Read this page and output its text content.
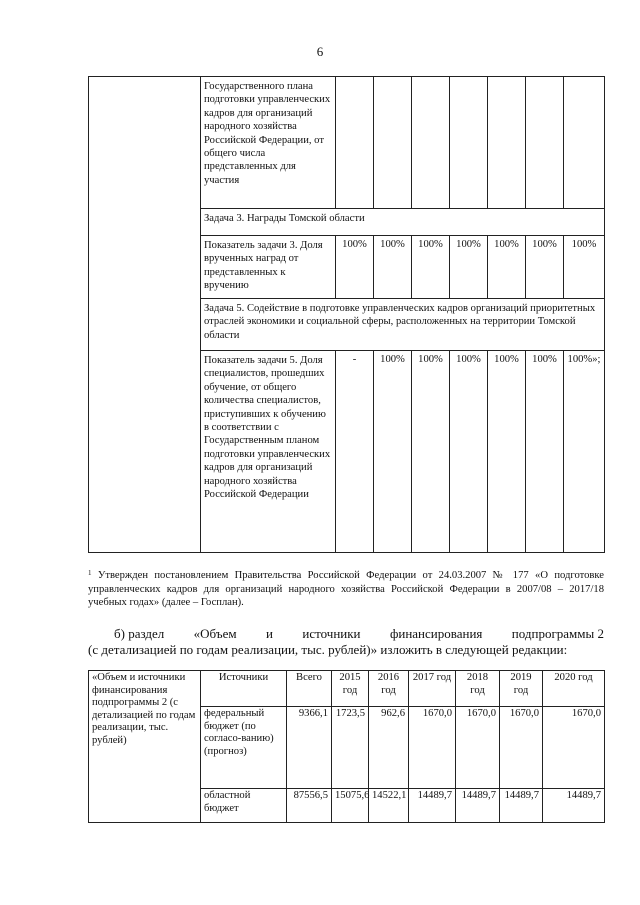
6
	Государственного плана подготовки управленческих кадров для организаций народного хозяйства Российской Федерации, от общего числа представленных для участия							
	Задача 3. Награды Томской области							
	Показатель задачи 3. Доля врученных наград от представленных к вручению	100%	100%	100%	100%	100%	100%	100%
	Задача 5. Содействие в подготовке управленческих кадров организаций приоритетных отраслей экономики и социальной сферы, расположенных на территории Томской области							
	Показатель задачи 5. Доля специалистов, прошедших обучение, от общего количества специалистов, приступивших к обучению в соответствии с Государственным планом подготовки управленческих кадров для организаций народного хозяйства Российской Федерации	-	100%	100%	100%	100%	100%	100%»;
$^1$ Утвержден постановлением Правительства Российской Федерации от 24.03.2007 № 177 «О подготовке управленческих кадров для организаций народного хозяйства Российской Федерации в 2007/08 – 2017/18 учебных годах» (далее – Госплан).
б) раздел «Объем и источники финансирования подпрограммы 2
(с детализацией по годам реализации, тыс. рублей)» изложить в следующей редакции:
«Объем и источники финансирования подпрограммы 2 (с детализацией по годам реализации, тыс. рублей)	Источники	Всего	2015 год	2016 год	2017 год	2018 год	2019 год	2020 год
	федеральный бюджет (по согласо-ванию) (прогноз)	9366,1	1723,5	962,6	1670,0	1670,0	1670,0	1670,0
	областной бюджет	87556,5	15075,6	14522,1	14489,7	14489,7	14489,7	14489,7
